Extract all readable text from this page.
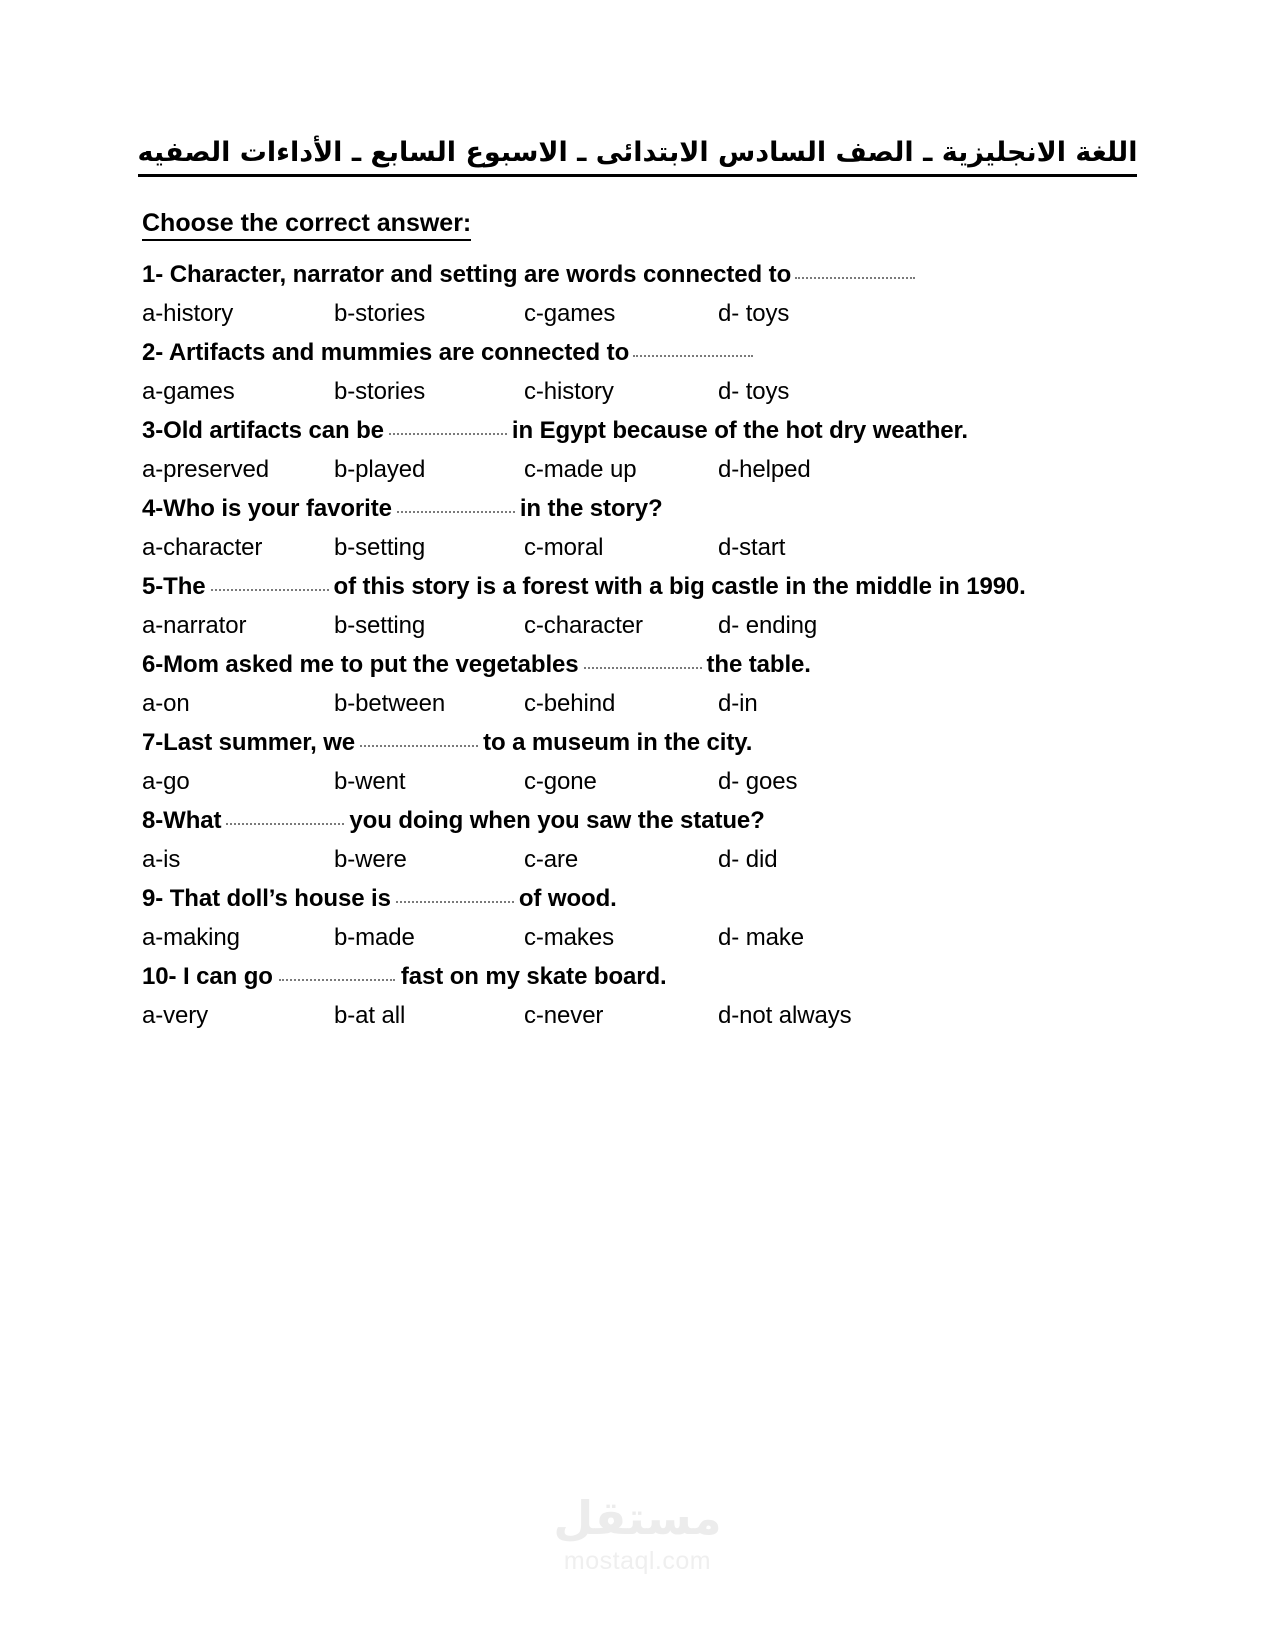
اللغة الانجليزية ـ الصف السادس الابتدائى ـ الاسبوع السابع ـ الأداءات الصفيه
Choose the correct answer:
1- Character, narrator and setting are words connected to
a-history	b-stories	c-games	d- toys
2- Artifacts and mummies are connected to
a-games	b-stories	c-history	d- toys
3-Old artifacts can be	in Egypt because of the hot dry weather.
a-preserved	b-played	c-made up	d-helped
4-Who is your favorite	in the story?
a-character	b-setting	c-moral	d-start
5-The	of this story is a forest with a big castle in the middle in 1990.
a-narrator	b-setting	c-character	d- ending
6-Mom asked me to put the vegetables	the table.
a-on	b-between	c-behind	d-in
7-Last summer, we	to a museum in the city.
a-go	b-went	c-gone	d- goes
8-What	you doing when you saw the statue?
a-is	b-were	c-are	d- did
9- That doll’s house is	of wood.
a-making	b-made	c-makes	d- make
10- I can go	fast on my skate board.
a-very	b-at all	c-never	d-not always
مستقل
mostaql.com
